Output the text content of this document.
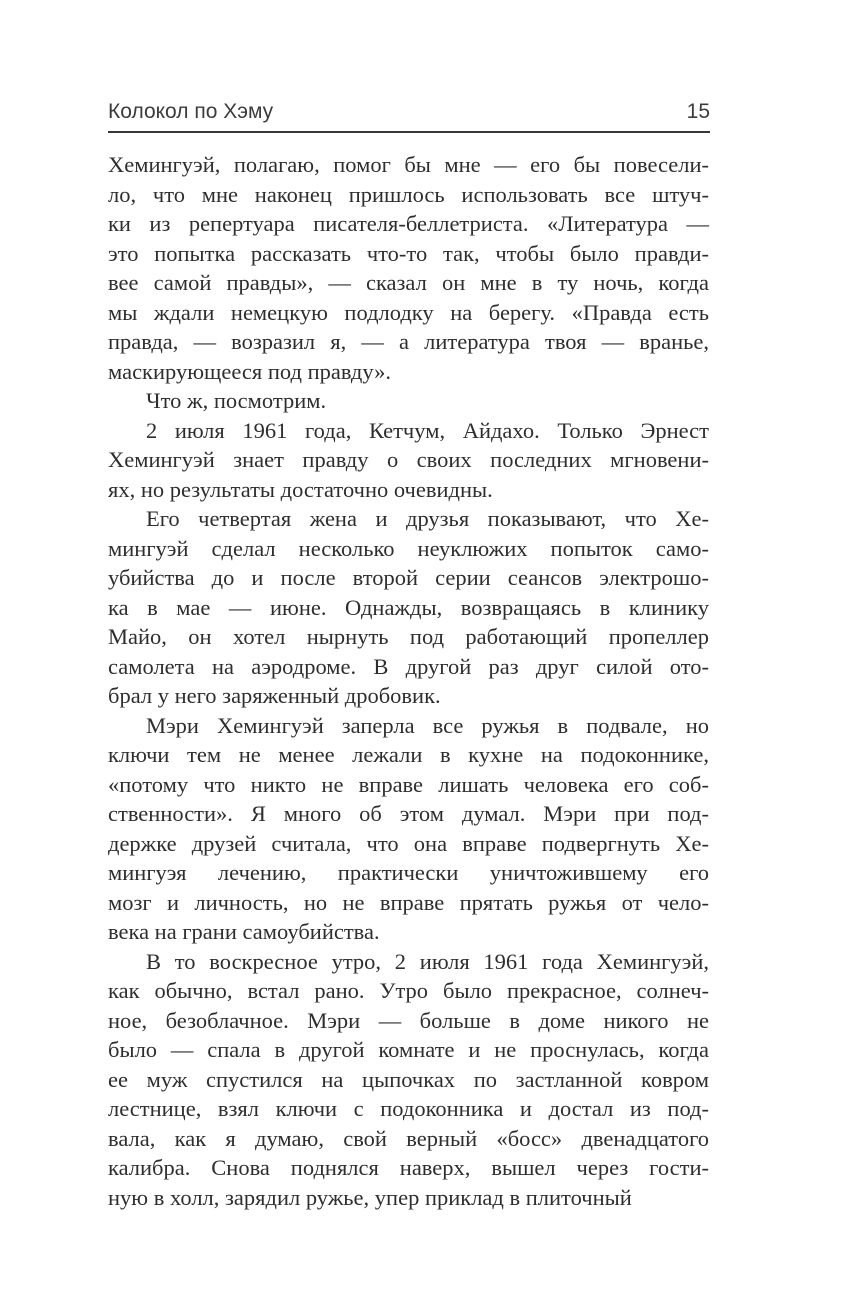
Колокол по Хэму	15

Хемингуэй, полагаю, помог бы мне — его бы повесели-
ло, что мне наконец пришлось использовать все штуч-
ки из репертуара писателя-беллетриста. «Литература —
это попытка рассказать что-то так, чтобы было правди-
вее самой правды», — сказал он мне в ту ночь, когда
мы ждали немецкую подлодку на берегу. «Правда есть
правда, — возразил я, — а литература твоя — вранье,
маскирующееся под правду».

Что ж, посмотрим.

2 июля 1961 года, Кетчум, Айдахо. Только Эрнест
Хемингуэй знает правду о своих последних мгновени-
ях, но результаты достаточно очевидны.

Его четвертая жена и друзья показывают, что Хе-
мингуэй сделал несколько неуклюжих попыток само-
убийства до и после второй серии сеансов электрошо-
ка в мае — июне. Однажды, возвращаясь в клинику
Майо, он хотел нырнуть под работающий пропеллер
самолета на аэродроме. В другой раз друг силой ото-
брал у него заряженный дробовик.

Мэри Хемингуэй заперла все ружья в подвале, но
ключи тем не менее лежали в кухне на подоконнике,
«потому что никто не вправе лишать человека его соб-
ственности». Я много об этом думал. Мэри при под-
держке друзей считала, что она вправе подвергнуть Хе-
мингуэя лечению, практически уничтожившему его
мозг и личность, но не вправе прятать ружья от чело-
века на грани самоубийства.

В то воскресное утро, 2 июля 1961 года Хемингуэй,
как обычно, встал рано. Утро было прекрасное, солнеч-
ное, безоблачное. Мэри — больше в доме никого не
было — спала в другой комнате и не проснулась, когда
ее муж спустился на цыпочках по застланной ковром
лестнице, взял ключи с подоконника и достал из под-
вала, как я думаю, свой верный «босс» двенадцатого
калибра. Снова поднялся наверх, вышел через гости-
ную в холл, зарядил ружье, упер приклад в плиточный
